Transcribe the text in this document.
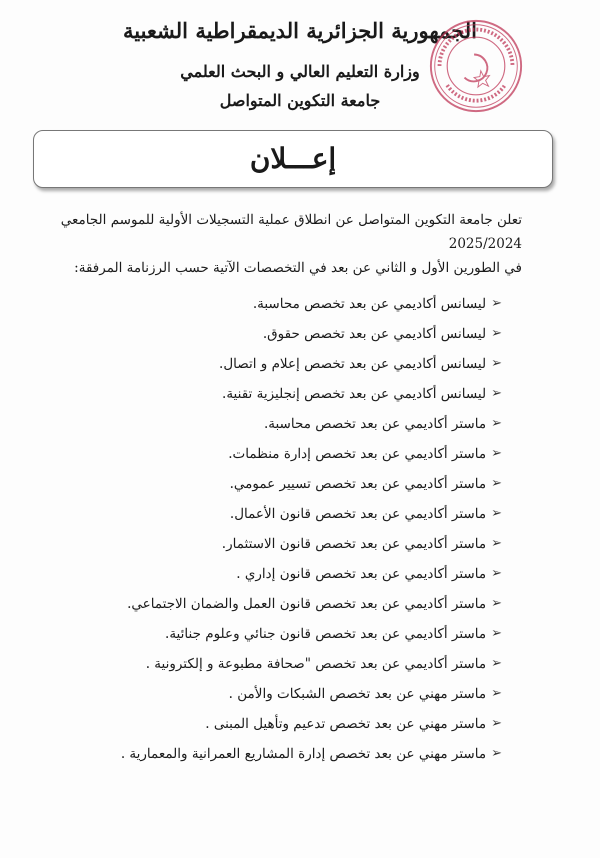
الجمهورية الجزائرية الديمقراطية الشعبية
وزارة التعليم العالي و البحث العلمي
جامعة التكوين المتواصل
إعـــلان

تعلن جامعة التكوين المتواصل عن انطلاق عملية التسجيلات الأولية للموسم الجامعي 2025/2024

في الطورين الأول و الثاني عن بعد في التخصصات الآتية حسب الرزنامة المرفقة:

➢
ليسانس أكاديمي عن بعد تخصص محاسبة.
➢
ليسانس أكاديمي عن بعد تخصص حقوق.
➢
ليسانس أكاديمي عن بعد تخصص إعلام و اتصال.
➢
ليسانس أكاديمي عن بعد تخصص إنجليزية تقنية.
➢
ماستر أكاديمي عن بعد تخصص محاسبة.
➢
ماستر أكاديمي عن بعد تخصص إدارة منظمات.
➢
ماستر أكاديمي عن بعد تخصص تسيير عمومي.
➢
ماستر أكاديمي عن بعد تخصص قانون الأعمال.
➢
ماستر أكاديمي عن بعد تخصص قانون الاستثمار.
➢
ماستر أكاديمي عن بعد تخصص قانون إداري .
➢
ماستر أكاديمي عن بعد تخصص قانون العمل والضمان الاجتماعي.
➢
ماستر أكاديمي عن بعد تخصص قانون جنائي وعلوم جنائية.
➢
ماستر أكاديمي عن بعد تخصص "صحافة مطبوعة و إلكترونية .
➢
ماستر مهني عن بعد تخصص الشبكات والأمن .
➢
ماستر مهني عن بعد تخصص تدعيم وتأهيل المبنى .
➢
ماستر مهني عن بعد تخصص إدارة المشاريع العمرانية والمعمارية .
